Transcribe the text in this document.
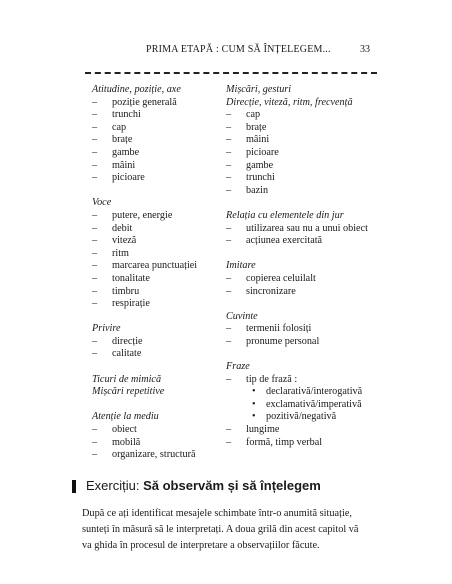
PRIMA ETAPĂ : CUM SĂ ÎNȚELEGEM...	33
Atitudine, poziție, axe
– poziție generală
– trunchi
– cap
– brațe
– gambe
– mâini
– picioare
Voce
– putere, energie
– debit
– viteză
– ritm
– marcarea punctuației
– tonalitate
– timbru
– respirație
Privire
– direcție
– calitate
Ticuri de mimică
Mișcări repetitive
Atenție la mediu
– obiect
– mobilă
– organizare, structură
Mișcări, gesturi
Direcție, viteză, ritm, frecvență
– cap
– brațe
– mâini
– picioare
– gambe
– trunchi
– bazin
Relația cu elementele din jur
– utilizarea sau nu a unui obiect
– acțiunea exercitată
Imitare
– copierea celuilalt
– sincronizare
Cuvinte
– termenii folosiți
– pronume personal
Fraze
– tip de frază :
• declarativă/interogativă
• exclamativă/imperativă
• pozitivă/negativă
– lungime
– formă, timp verbal
Exercițiu: Să observăm și să înțelegem
După ce ați identificat mesajele schimbate într-o anumită situație,
sunteți în măsură să le interpretați. A doua grilă din acest capitol vă
va ghida în procesul de interpretare a observațiilor făcute.
